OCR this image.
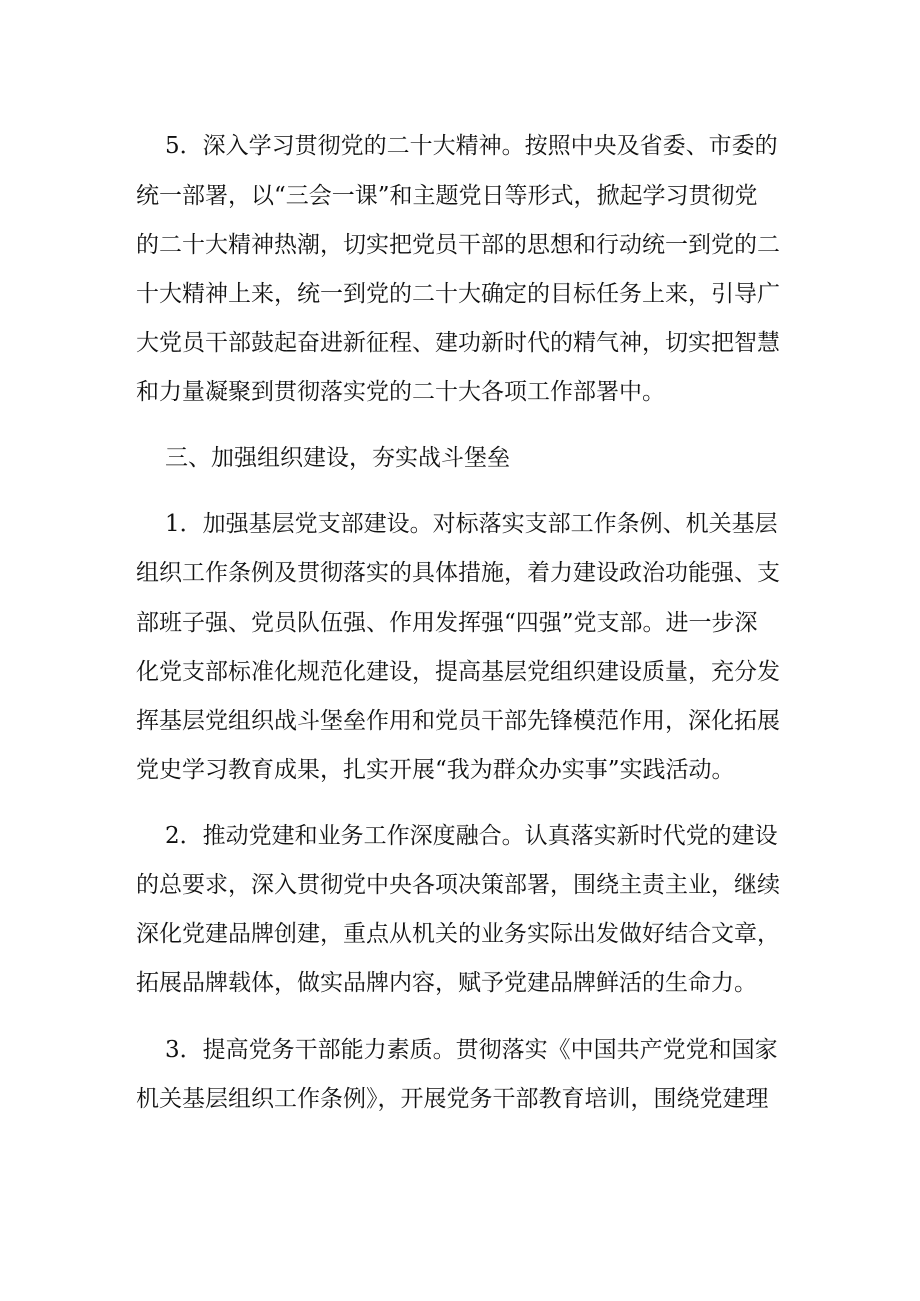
5．深入学习贯彻党的二十大精神。按照中央及省委、市委的
统一部署，以“三会一课”和主题党日等形式，掀起学习贯彻党
的二十大精神热潮，切实把党员干部的思想和行动统一到党的二
十大精神上来，统一到党的二十大确定的目标任务上来，引导广
大党员干部鼓起奋进新征程、建功新时代的精气神，切实把智慧
和力量凝聚到贯彻落实党的二十大各项工作部署中。
三、加强组织建设，夯实战斗堡垒
1．加强基层党支部建设。对标落实支部工作条例、机关基层
组织工作条例及贯彻落实的具体措施，着力建设政治功能强、支
部班子强、党员队伍强、作用发挥强“四强”党支部。进一步深
化党支部标准化规范化建设，提高基层党组织建设质量，充分发
挥基层党组织战斗堡垒作用和党员干部先锋模范作用，深化拓展
党史学习教育成果，扎实开展“我为群众办实事”实践活动。
2．推动党建和业务工作深度融合。认真落实新时代党的建设
的总要求，深入贯彻党中央各项决策部署，围绕主责主业，继续
深化党建品牌创建，重点从机关的业务实际出发做好结合文章，
拓展品牌载体，做实品牌内容，赋予党建品牌鲜活的生命力。
3．提高党务干部能力素质。贯彻落实《中国共产党党和国家
机关基层组织工作条例》，开展党务干部教育培训，围绕党建理
